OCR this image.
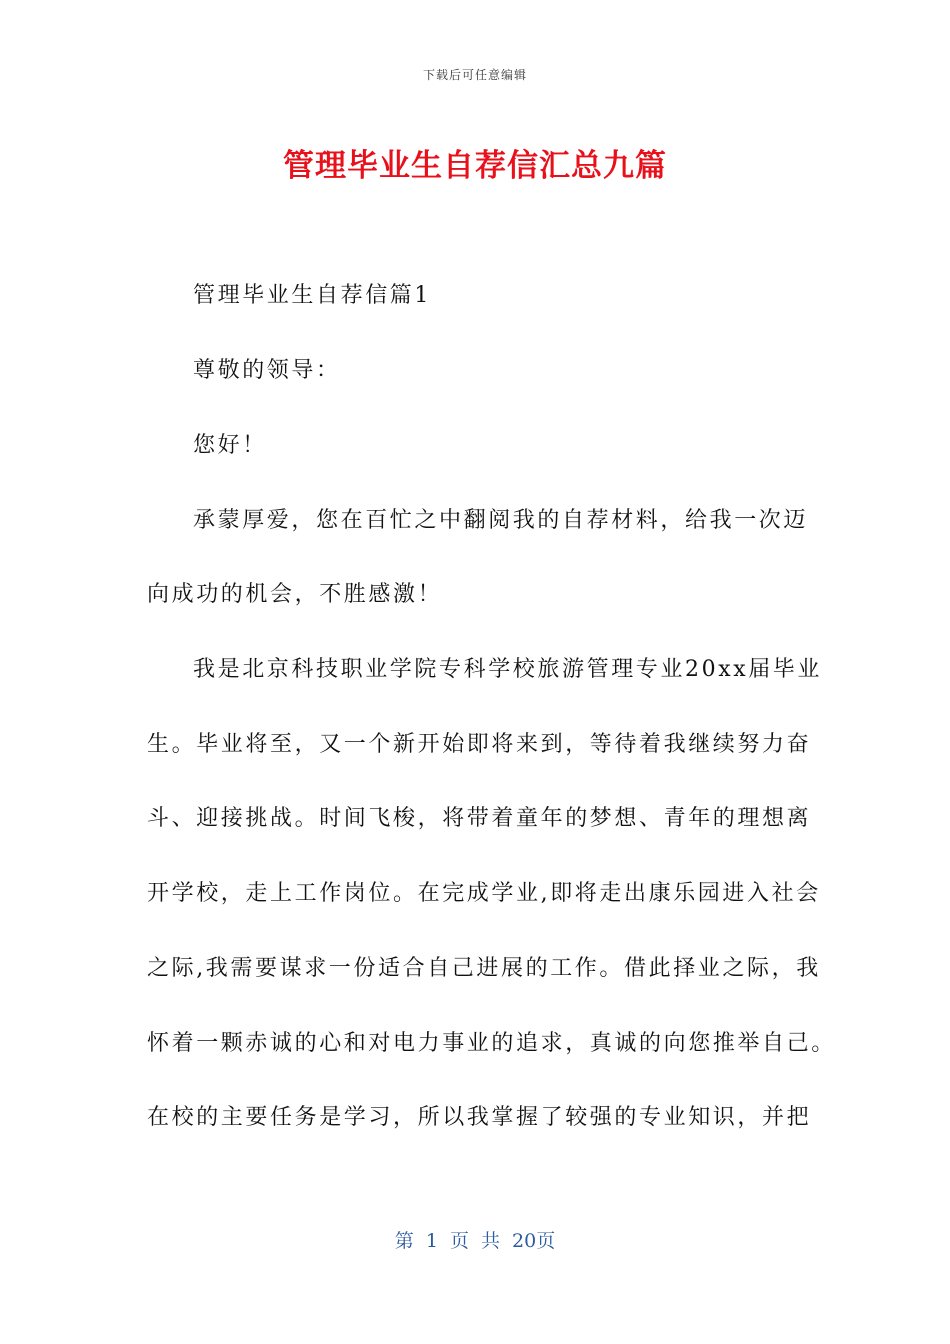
下载后可任意编辑
管理毕业生自荐信汇总九篇
管理毕业生自荐信篇1
尊敬的领导：
您好！
承蒙厚爱，您在百忙之中翻阅我的自荐材料，给我一次迈
向成功的机会，不胜感激！
我是北京科技职业学院专科学校旅游管理专业20xx届毕业
生。毕业将至，又一个新开始即将来到，等待着我继续努力奋
斗、迎接挑战。时间飞梭，将带着童年的梦想、青年的理想离
开学校，走上工作岗位。在完成学业,即将走出康乐园进入社会
之际,我需要谋求一份适合自己进展的工作。借此择业之际，我
怀着一颗赤诚的心和对电力事业的追求，真诚的向您推举自己。
在校的主要任务是学习，所以我掌握了较强的专业知识，并把
第 1 页 共 20页
